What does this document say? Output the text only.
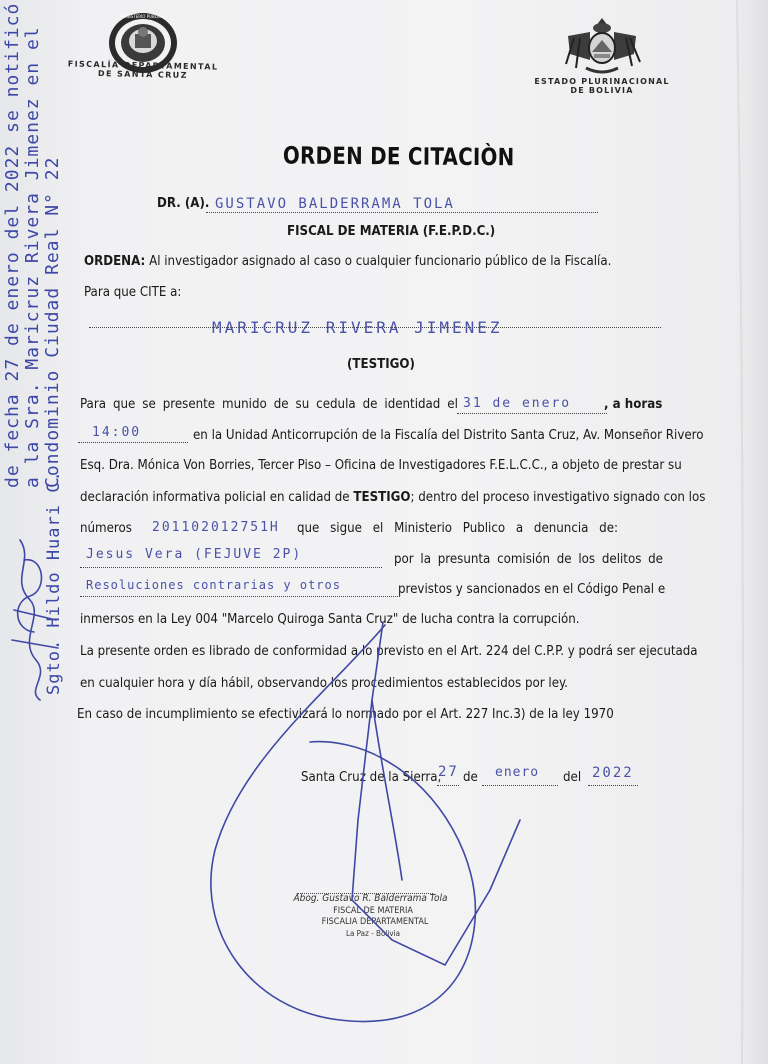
MINISTERIO PÚBLICO
FISCALÍA DEPARTAMENTAL
DE SANTA CRUZ
ESTADO PLURINACIONAL
DE BOLIVIA
ORDEN DE CITACIÒN
DR. (A). GUSTAVO BALDERRAMA TOLA
FISCAL DE MATERIA (F.E.P.D.C.)
ORDENA: Al investigador asignado al caso o cualquier funcionario público de la Fiscalía.
Para que CITE a:
MARICRUZ RIVERA JIMENEZ
(TESTIGO)
Para que se presente munido de su cedula de identidad el 31 de enero , a horas
14:00	en la Unidad Anticorrupción de la Fiscalía del Distrito Santa Cruz, Av. Monseñor Rivero
Esq. Dra. Mónica Von Borries, Tercer Piso – Oficina de Investigadores F.E.L.C.C., a objeto de prestar su
declaración informativa policial en calidad de TESTIGO; dentro del proceso investigativo signado con los
números 201102012751H que sigue el Ministerio Publico a denuncia de:
Jesus Vera (FEJUVE 2P)	por la presunta comisión de los delitos de
Resoluciones contrarias y otros	previstos y sancionados en el Código Penal e
inmersos en la Ley 004 "Marcelo Quiroga Santa Cruz" de lucha contra la corrupción.
La presente orden es librado de conformidad a lo previsto en el Art. 224 del C.P.P. y podrá ser ejecutada
en cualquier hora y día hábil, observando los procedimientos establecidos por ley.
En caso de incumplimiento se efectivizará lo normado por el Art. 227 Inc.3) de la ley 1970
Santa Cruz de la Sierra,
27 de enero del 2022
Abog. Gustavo R. Balderrama Tola
FISCAL DE MATERIA
FISCALIA DEPARTAMENTAL
La Paz - Bolivia
de fecha 27 de enero del 2022 se notificó a la Sra. Maricruz Rivera Jimenez en el Condominio Ciudad Real N° 22
Sgto. Hildo Huari C.
